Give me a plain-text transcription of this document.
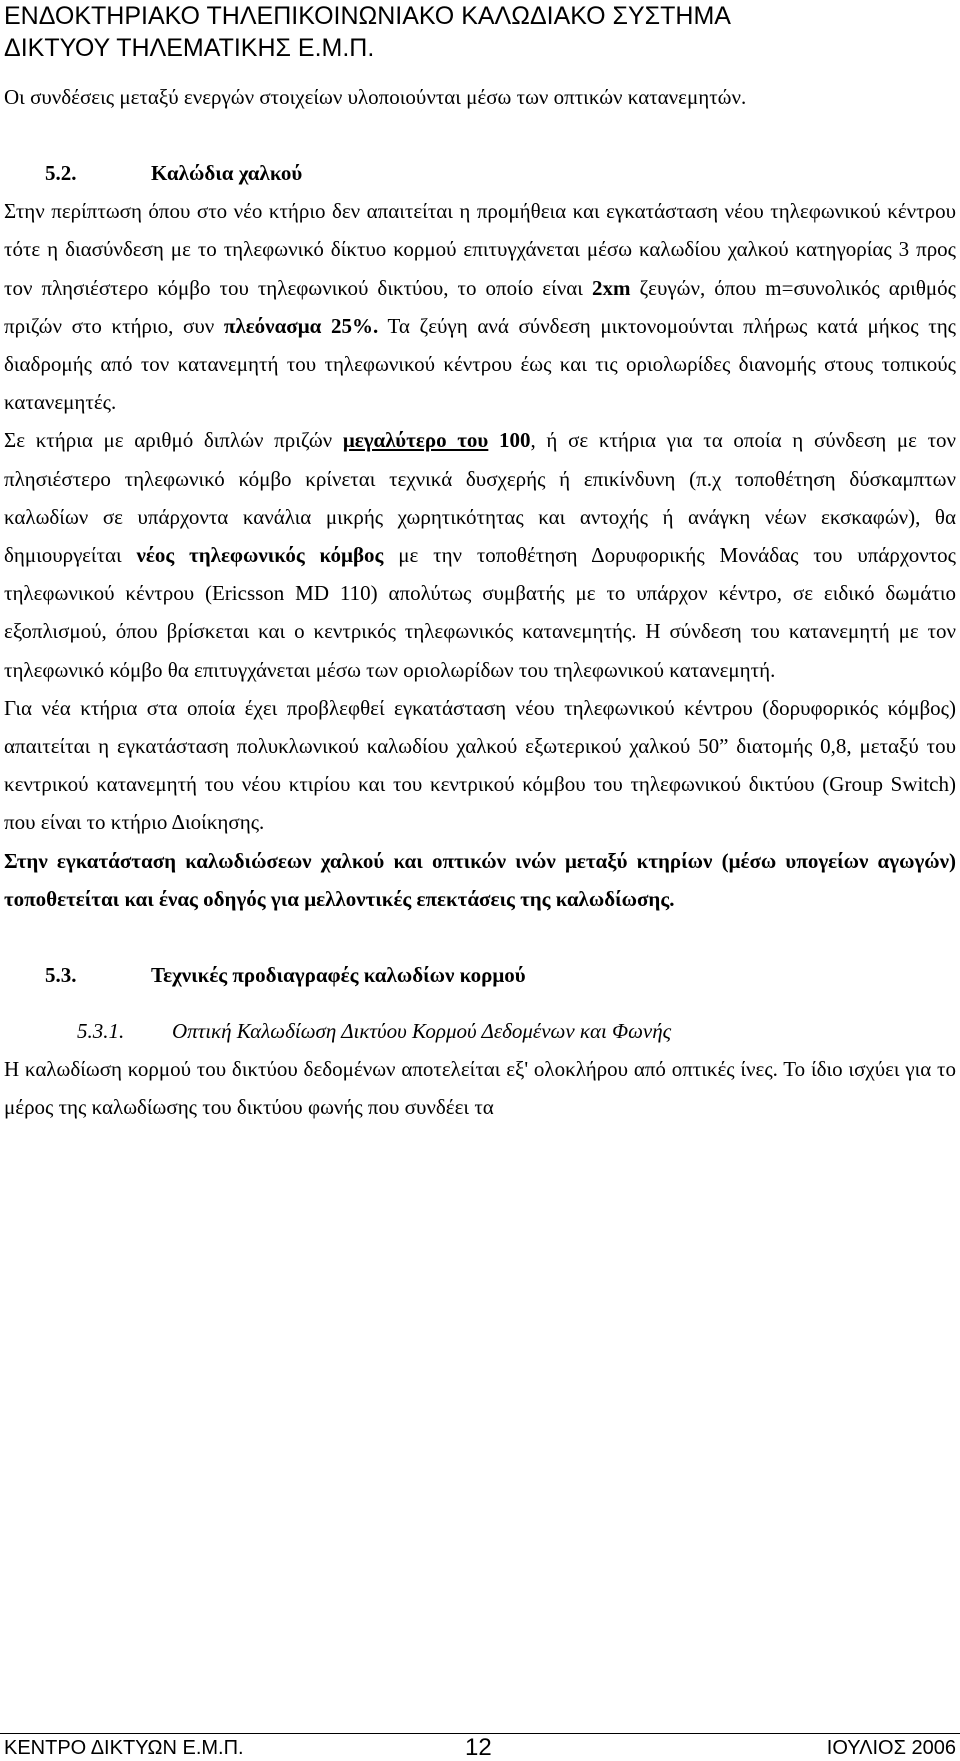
ΕΝΔΟΚΤΗΡΙΑΚΟ ΤΗΛΕΠΙΚΟΙΝΩΝΙΑΚΟ ΚΑΛΩΔΙΑΚΟ ΣΥΣΤΗΜΑ
ΔΙΚΤΥΟΥ ΤΗΛΕΜΑΤΙΚΗΣ Ε.Μ.Π.

Οι συνδέσεις μεταξύ ενεργών στοιχείων υλοποιούνται μέσω των οπτικών κατανεμητών.

5.2.	Καλώδια χαλκού

Στην περίπτωση όπου στο νέο κτήριο δεν απαιτείται η προμήθεια και εγκατάσταση νέου τηλεφωνικού κέντρου τότε η διασύνδεση με το τηλεφωνικό δίκτυο κορμού επιτυγχάνεται μέσω καλωδίου χαλκού κατηγορίας 3 προς τον πλησιέστερο κόμβο του τηλεφωνικού δικτύου, το οποίο είναι 2xm ζευγών, όπου m=συνολικός αριθμός πριζών στο κτήριο, συν πλεόνασμα 25%. Τα ζεύγη ανά σύνδεση μικτονομούνται πλήρως κατά μήκος της διαδρομής από τον κατανεμητή του τηλεφωνικού κέντρου έως και τις οριολωρίδες διανομής στους τοπικούς κατανεμητές.

Σε κτήρια με αριθμό διπλών πριζών μεγαλύτερο του 100, ή σε κτήρια για τα οποία η σύνδεση με τον πλησιέστερο τηλεφωνικό κόμβο κρίνεται τεχνικά δυσχερής ή επικίνδυνη (π.χ τοποθέτηση δύσκαμπτων καλωδίων σε υπάρχοντα κανάλια μικρής χωρητικότητας και αντοχής ή ανάγκη νέων εκσκαφών), θα δημιουργείται νέος τηλεφωνικός κόμβος με την τοποθέτηση Δορυφορικής Μονάδας του υπάρχοντος τηλεφωνικού κέντρου (Ericsson MD 110) απολύτως συμβατής με το υπάρχον κέντρο, σε ειδικό δωμάτιο εξοπλισμού, όπου βρίσκεται και ο κεντρικός τηλεφωνικός κατανεμητής. Η σύνδεση του κατανεμητή με τον τηλεφωνικό κόμβο θα επιτυγχάνεται μέσω των οριολωρίδων του τηλεφωνικού κατανεμητή.

Για νέα κτήρια στα οποία έχει προβλεφθεί εγκατάσταση νέου τηλεφωνικού κέντρου (δορυφορικός κόμβος) απαιτείται η εγκατάσταση πολυκλωνικού καλωδίου χαλκού εξωτερικού χαλκού 50” διατομής 0,8, μεταξύ του κεντρικού κατανεμητή του νέου κτιρίου και του κεντρικού κόμβου του τηλεφωνικού δικτύου (Group Switch) που είναι το κτήριο Διοίκησης.

Στην εγκατάσταση καλωδιώσεων χαλκού και οπτικών ινών μεταξύ κτηρίων (μέσω υπογείων αγωγών) τοποθετείται και ένας οδηγός για μελλοντικές επεκτάσεις της καλωδίωσης.

5.3.	Τεχνικές προδιαγραφές καλωδίων κορμού

5.3.1. Οπτική Καλωδίωση Δικτύου Κορμού Δεδομένων και Φωνής

Η καλωδίωση κορμού του δικτύου δεδομένων αποτελείται εξ' ολοκλήρου από οπτικές ίνες. Το ίδιο ισχύει για το μέρος της καλωδίωσης του δικτύου φωνής που συνδέει τα

ΚΕΝΤΡΟ ΔΙΚΤΥΩΝ Ε.Μ.Π.	12	ΙΟΥΛΙΟΣ 2006
